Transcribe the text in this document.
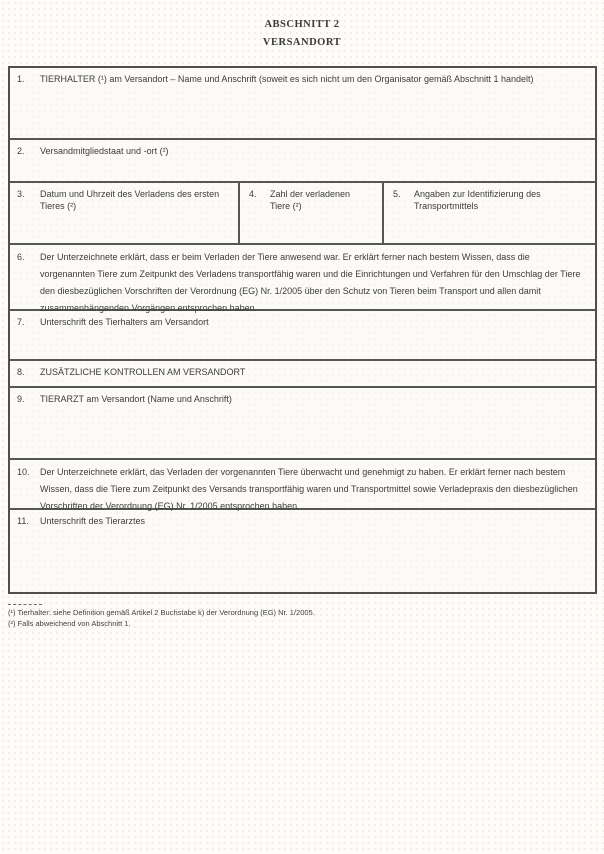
ABSCHNITT 2
VERSANDORT
1.	TIERHALTER (¹) am Versandort – Name und Anschrift (soweit es sich nicht um den Organisator gemäß Abschnitt 1 handelt)
2.	Versandmitgliedstaat und -ort (²)
3.	Datum und Uhrzeit des Verladens des ersten Tieres (²)
4.	Zahl der verladenen Tiere (²)
5.	Angaben zur Identifizierung des Transportmittels
6.	Der Unterzeichnete erklärt, dass er beim Verladen der Tiere anwesend war. Er erklärt ferner nach bestem Wissen, dass die vorgenannten Tiere zum Zeitpunkt des Verladens transportfähig waren und die Einrichtungen und Verfahren für den Umschlag der Tiere den diesbezüglichen Vorschriften der Verordnung (EG) Nr. 1/2005 über den Schutz von Tieren beim Transport und allen damit zusammenhängenden Vorgängen entsprochen haben.
7.	Unterschrift des Tierhalters am Versandort
8.	ZUSÄTZLICHE KONTROLLEN AM VERSANDORT
9.	TIERARZT am Versandort (Name und Anschrift)
10.	Der Unterzeichnete erklärt, das Verladen der vorgenannten Tiere überwacht und genehmigt zu haben. Er erklärt ferner nach bestem Wissen, dass die Tiere zum Zeitpunkt des Versands transportfähig waren und Transportmittel sowie Verladepraxis den diesbezüglichen Vorschriften der Verordnung (EG) Nr. 1/2005 entsprochen haben.
11.	Unterschrift des Tierarztes
(¹) Tierhalter: siehe Definition gemäß Artikel 2 Buchstabe k) der Verordnung (EG) Nr. 1/2005.
(²) Falls abweichend von Abschnitt 1.
